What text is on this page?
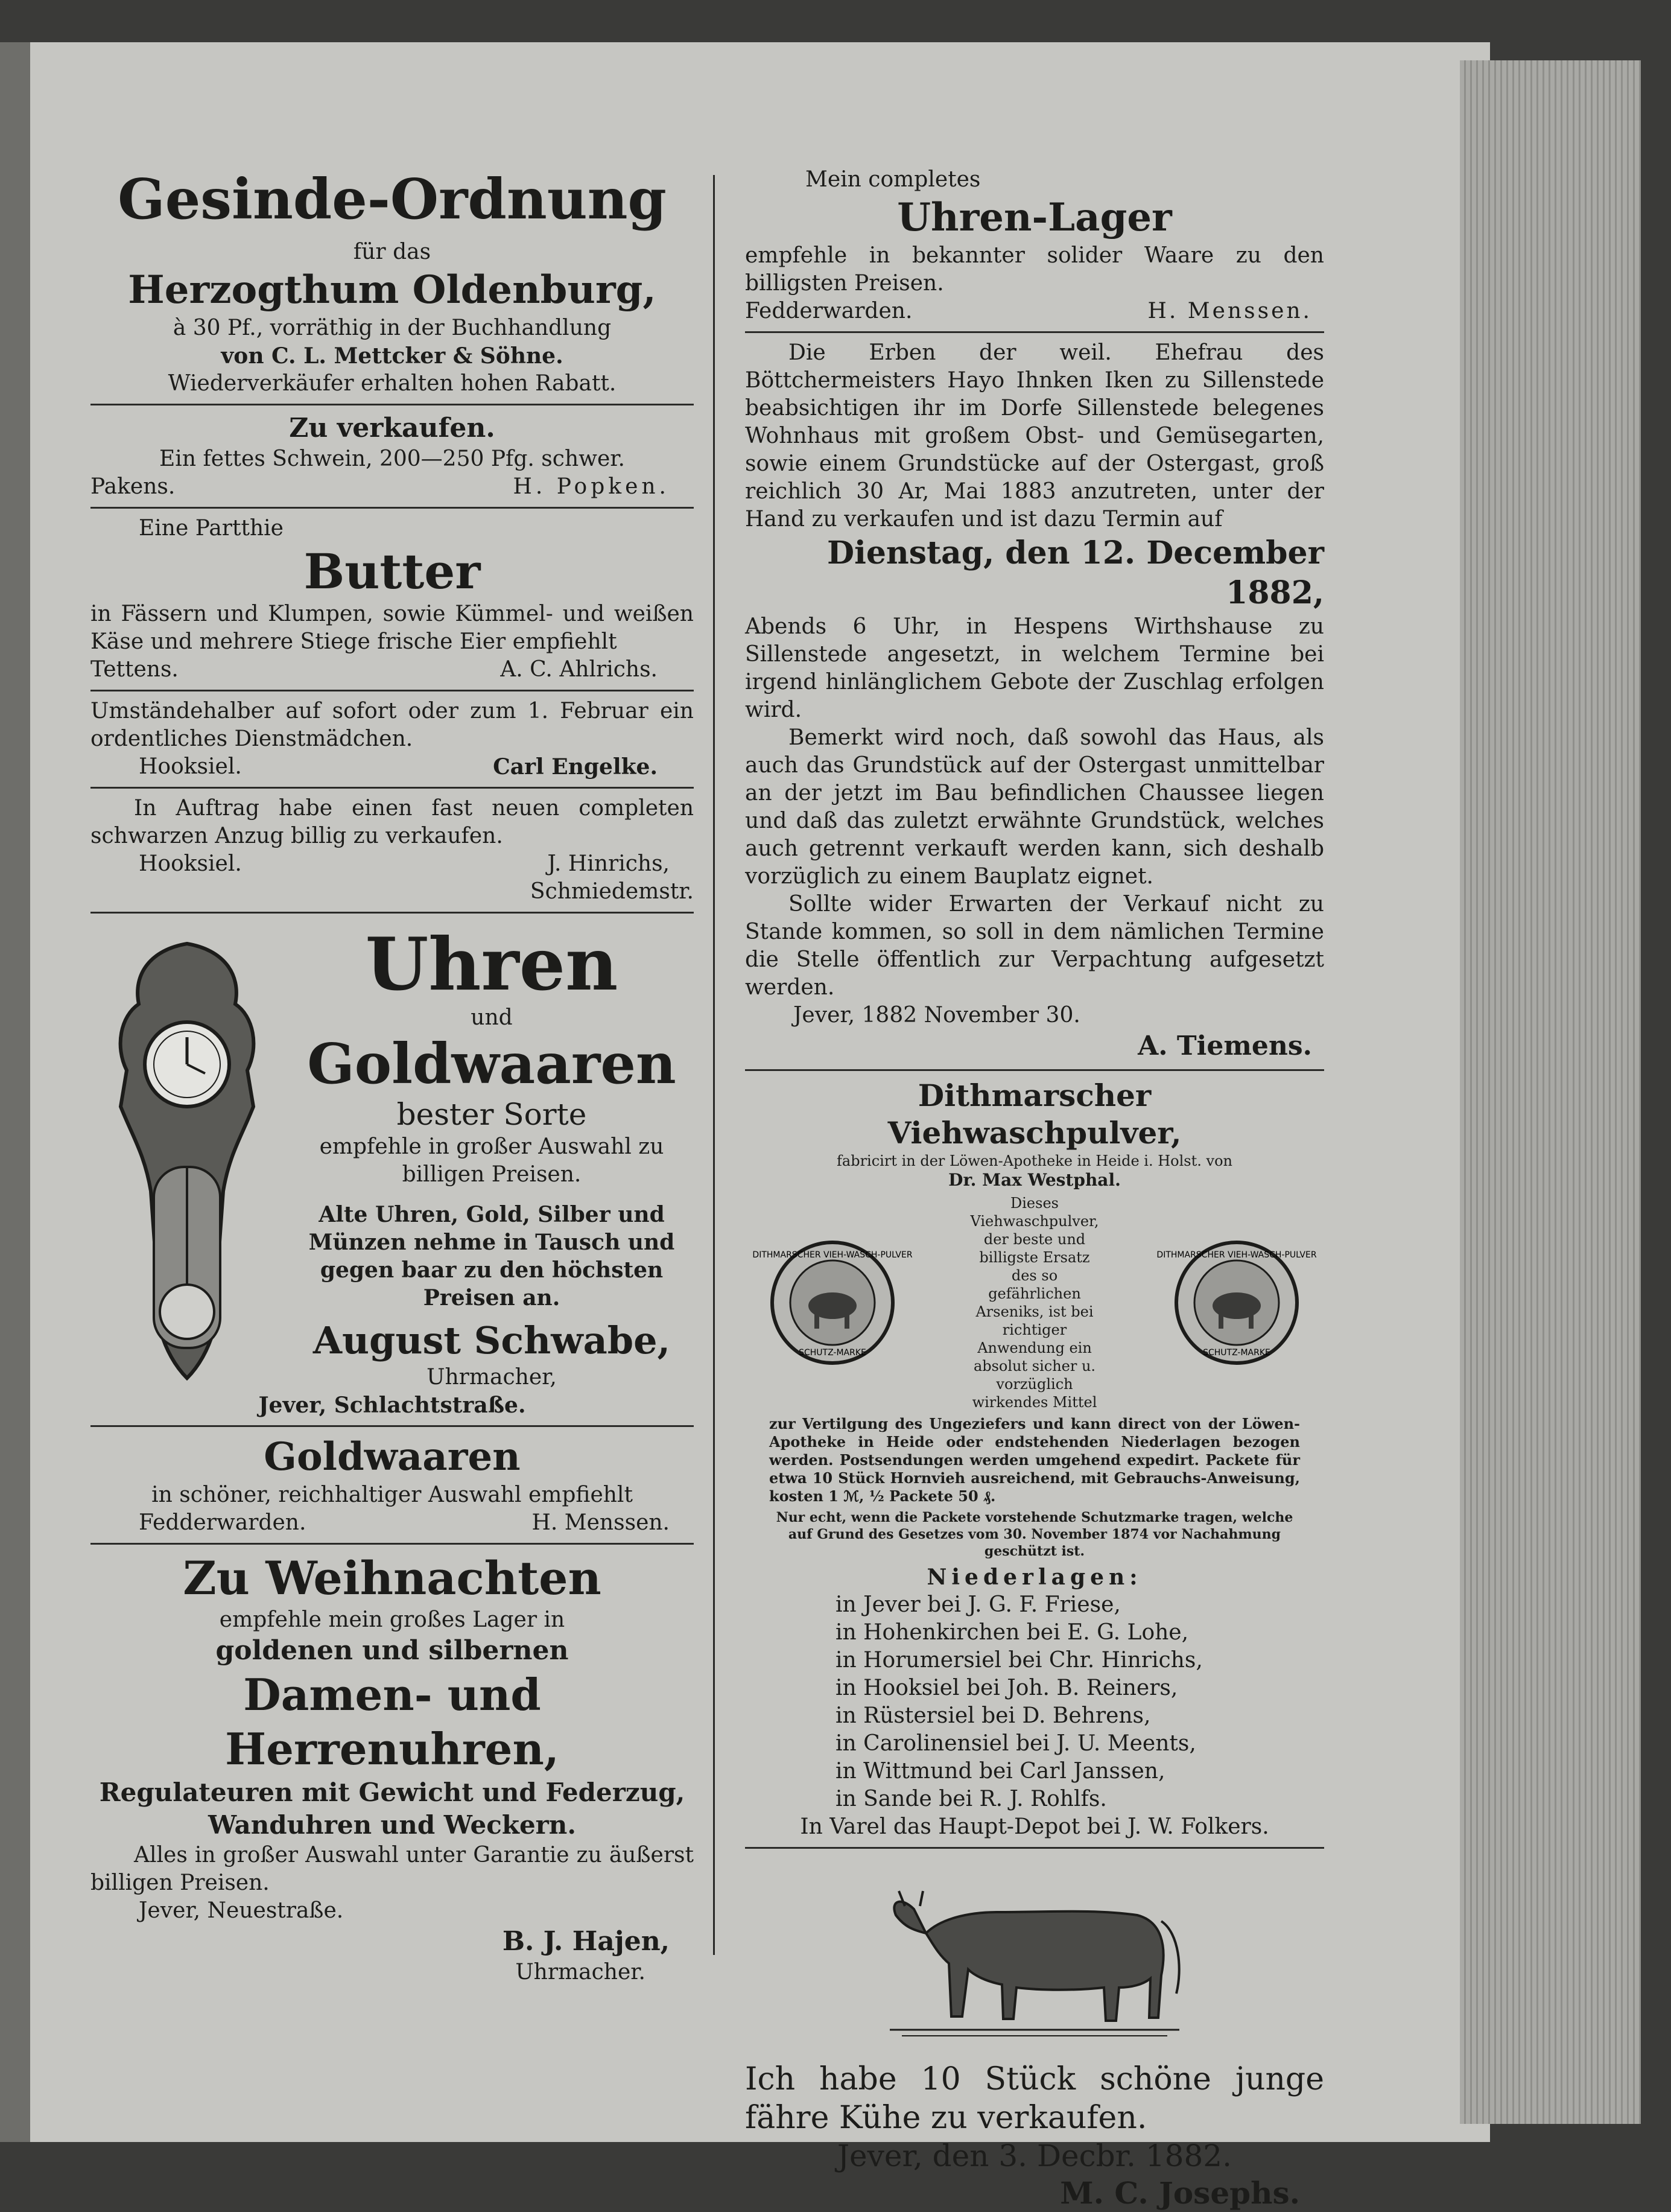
Gesinde-Ordnung

für das

Herzogthum Oldenburg,

à 30 Pf., vorräthig in der Buchhandlung

von C. L. Mettcker & Söhne.

Wiederverkäufer erhalten hohen Rabatt.

Zu verkaufen.

Ein fettes Schwein, 200—250 Pfg. schwer.

Pakens.	H. Popken.

Eine Partthie

Butter

in Fässern und Klumpen, sowie Kümmel- und weißen Käse und mehrere Stiege frische Eier empfiehlt

Tettens.	A. C. Ahlrichs.

Umständehalber auf sofort oder zum 1. Februar ein ordentliches Dienstmädchen.

Hooksiel.	Carl Engelke.

In Auftrag habe einen fast neuen completen schwarzen Anzug billig zu verkaufen.

Hooksiel.	J. Hinrichs,

Schmiedemstr.

Uhren

und

Goldwaaren

bester Sorte

empfehle in großer Auswahl zu billigen Preisen.

Alte Uhren, Gold, Silber und Münzen nehme in Tausch und gegen baar zu den höchsten Preisen an.

August Schwabe,

Uhrmacher,

Jever, Schlachtstraße.

Goldwaaren

in schöner, reichhaltiger Auswahl empfiehlt

Fedderwarden.	H. Menssen.

Zu Weihnachten

empfehle mein großes Lager in

goldenen und silbernen

Damen- und Herrenuhren,

Regulateuren mit Gewicht und Federzug,

Wanduhren und Weckern.

Alles in großer Auswahl unter Garantie zu äußerst billigen Preisen.

Jever, Neuestraße.

B. J. Hajen,

Uhrmacher.

Mein completes

Uhren-Lager

empfehle in bekannter solider Waare zu den billigsten Preisen.

Fedderwarden.	H. Menssen.

Die Erben der weil. Ehefrau des Böttchermeisters Hayo Ihnken Iken zu Sillenstede beabsichtigen ihr im Dorfe Sillenstede belegenes Wohnhaus mit großem Obst- und Gemüsegarten, sowie einem Grundstücke auf der Ostergast, groß reichlich 30 Ar, Mai 1883 anzutreten, unter der Hand zu verkaufen und ist dazu Termin auf

Dienstag, den 12. December 1882,

Abends 6 Uhr, in Hespens Wirthshause zu Sillenstede angesetzt, in welchem Termine bei irgend hinlänglichem Gebote der Zuschlag erfolgen wird.

Bemerkt wird noch, daß sowohl das Haus, als auch das Grundstück auf der Ostergast unmittelbar an der jetzt im Bau befindlichen Chaussee liegen und daß das zuletzt erwähnte Grundstück, welches auch getrennt verkauft werden kann, sich deshalb vorzüglich zu einem Bauplatz eignet.

Sollte wider Erwarten der Verkauf nicht zu Stande kommen, so soll in dem nämlichen Termine die Stelle öffentlich zur Verpachtung aufgesetzt werden.

Jever, 1882 November 30.

A. Tiemens.

Dithmarscher Viehwaschpulver,

fabricirt in der Löwen-Apotheke in Heide i. Holst. von

Dr. Max Westphal.

DITHMARSCHER VIEH-WASCH-PULVER
SCHUTZ-MARKE

Dieses Viehwaschpulver, der beste und billigste Ersatz des so gefährlichen Arseniks, ist bei richtiger Anwendung ein absolut sicher u. vorzüglich wirkendes Mittel

DITHMARSCHER VIEH-WASCH-PULVER
SCHUTZ-MARKE

zur Vertilgung des Ungeziefers und kann direct von der Löwen-Apotheke in Heide oder endstehenden Niederlagen bezogen werden. Postsendungen werden umgehend expedirt. Packete für etwa 10 Stück Hornvieh ausreichend, mit Gebrauchs-Anweisung, kosten 1 ℳ, ½ Packete 50 ₰.

Nur echt, wenn die Packete vorstehende Schutzmarke tragen, welche auf Grund des Gesetzes vom 30. November 1874 vor Nachahmung geschützt ist.

Niederlagen:

in Jever bei J. G. F. Friese,

in Hohenkirchen bei E. G. Lohe,

in Horumersiel bei Chr. Hinrichs,

in Hooksiel bei Joh. B. Reiners,

in Rüstersiel bei D. Behrens,

in Carolinensiel bei J. U. Meents,

in Wittmund bei Carl Janssen,

in Sande bei R. J. Rohlfs.

In Varel das Haupt-Depot bei J. W. Folkers.

Ich habe 10 Stück schöne junge fähre Kühe zu verkaufen.

Jever, den 3. Decbr. 1882.

M. C. Josephs.
